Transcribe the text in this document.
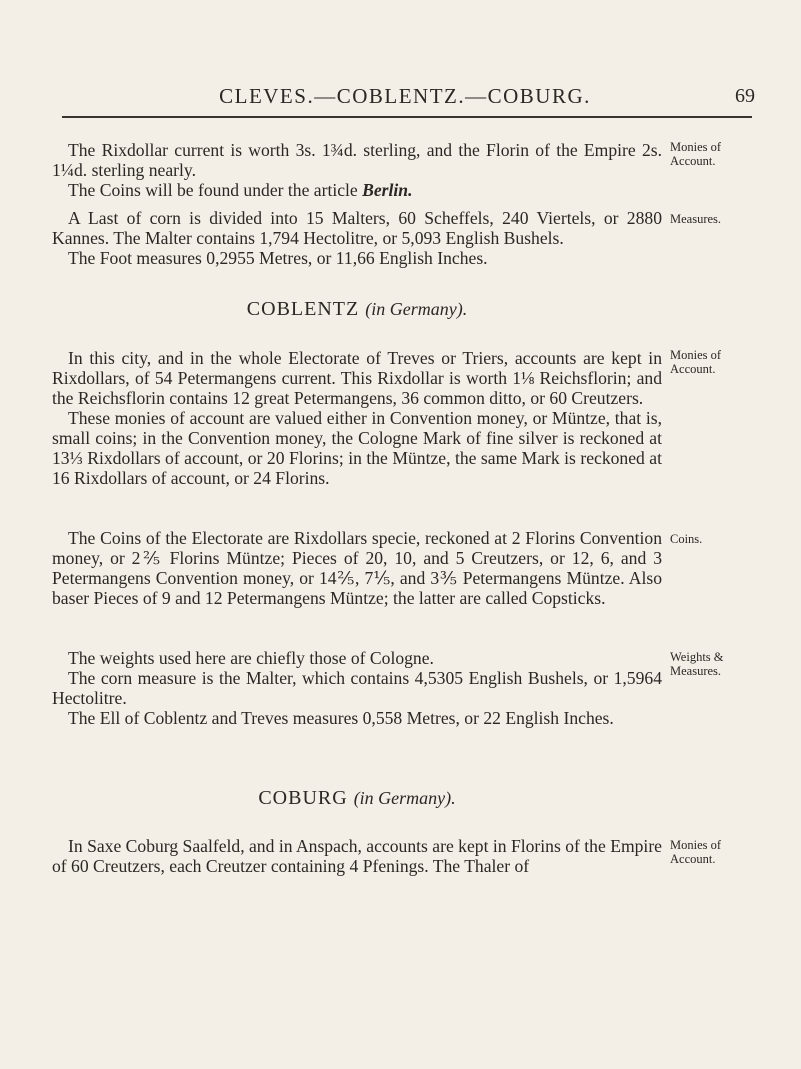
CLEVES.—COBLENTZ.—COBURG.	69

The Rixdollar current is worth 3s. 1¾d. sterling, and the Florin of the Empire 2s. 1¼d. sterling nearly.

The Coins will be found under the article Berlin.

A Last of corn is divided into 15 Malters, 60 Scheffels, 240 Viertels, or 2880 Kannes. The Malter contains 1,794 Hectolitre, or 5,093 English Bushels.

The Foot measures 0,2955 Metres, or 11,66 English Inches.

Monies of Account.
Measures.
COBLENTZ (in Germany).

In this city, and in the whole Electorate of Treves or Triers, accounts are kept in Rixdollars, of 54 Petermangens current. This Rixdollar is worth 1⅛ Reichsflorin; and the Reichsflorin contains 12 great Petermangens, 36 common ditto, or 60 Creutzers.

These monies of account are valued either in Convention money, or Müntze, that is, small coins; in the Convention money, the Cologne Mark of fine silver is reckoned at 13⅓ Rixdollars of account, or 20 Florins; in the Müntze, the same Mark is reckoned at 16 Rixdollars of account, or 24 Florins.

The Coins of the Electorate are Rixdollars specie, reckoned at 2 Florins Convention money, or 2⅖ Florins Müntze; Pieces of 20, 10, and 5 Creutzers, or 12, 6, and 3 Petermangens Convention money, or 14⅖, 7⅕, and 3⅗ Petermangens Müntze. Also baser Pieces of 9 and 12 Petermangens Müntze; the latter are called Copsticks.

The weights used here are chiefly those of Cologne.

The corn measure is the Malter, which contains 4,5305 English Bushels, or 1,5964 Hectolitre.

The Ell of Coblentz and Treves measures 0,558 Metres, or 22 English Inches.

Monies of Account.
Coins.
Weights & Measures.
COBURG (in Germany).

In Saxe Coburg Saalfeld, and in Anspach, accounts are kept in Florins of the Empire of 60 Creutzers, each Creutzer containing 4 Pfenings. The Thaler of

Monies of Account.
